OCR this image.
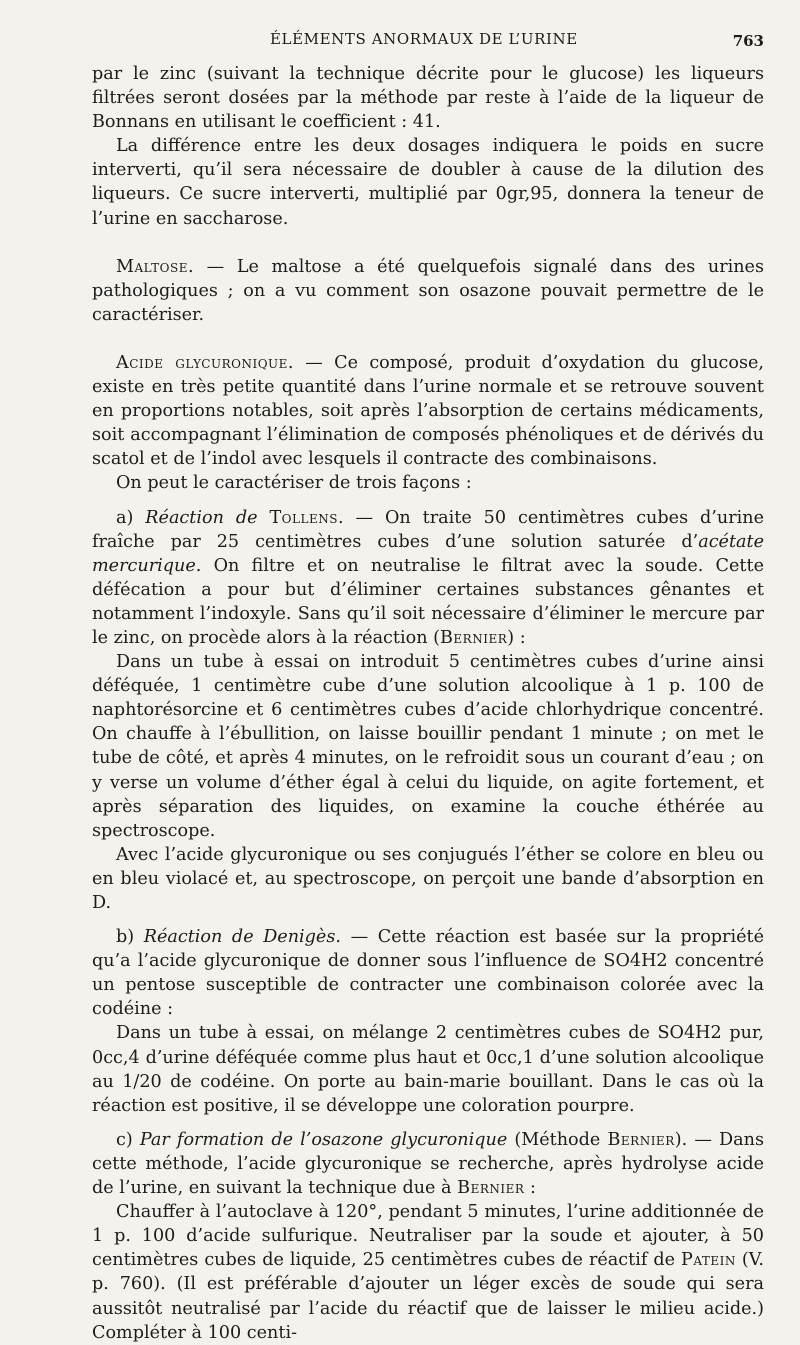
ÉLÉMENTS ANORMAUX DE L’URINE	763

par le zinc (suivant la technique décrite pour le glucose) les liqueurs filtrées seront dosées par la méthode par reste à l’aide de la liqueur de Bonnans en utilisant le coefficient : 41.

La différence entre les deux dosages indiquera le poids en sucre interverti, qu’il sera nécessaire de doubler à cause de la dilution des liqueurs. Ce sucre interverti, multiplié par 0gr,95, donnera la teneur de l’urine en saccharose.

Maltose. — Le maltose a été quelquefois signalé dans des urines pathologiques ; on a vu comment son osazone pouvait permettre de le caractériser.

Acide glycuronique. — Ce composé, produit d’oxydation du glucose, existe en très petite quantité dans l’urine normale et se retrouve souvent en proportions notables, soit après l’absorption de certains médicaments, soit accompagnant l’élimination de composés phénoliques et de dérivés du scatol et de l’indol avec lesquels il contracte des combinaisons.

On peut le caractériser de trois façons :

a) Réaction de Tollens. — On traite 50 centimètres cubes d’urine fraîche par 25 centimètres cubes d’une solution saturée d’acétate mercurique. On filtre et on neutralise le filtrat avec la soude. Cette défécation a pour but d’éliminer certaines substances gênantes et notamment l’indoxyle. Sans qu’il soit nécessaire d’éliminer le mercure par le zinc, on procède alors à la réaction (Bernier) :

Dans un tube à essai on introduit 5 centimètres cubes d’urine ainsi déféquée, 1 centimètre cube d’une solution alcoolique à 1 p. 100 de naphtorésorcine et 6 centimètres cubes d’acide chlorhydrique concentré. On chauffe à l’ébullition, on laisse bouillir pendant 1 minute ; on met le tube de côté, et après 4 minutes, on le refroidit sous un courant d’eau ; on y verse un volume d’éther égal à celui du liquide, on agite fortement, et après séparation des liquides, on examine la couche éthérée au spectroscope.

Avec l’acide glycuronique ou ses conjugués l’éther se colore en bleu ou en bleu violacé et, au spectroscope, on perçoit une bande d’absorption en D.

b) Réaction de Denigès. — Cette réaction est basée sur la propriété qu’a l’acide glycuronique de donner sous l’influence de SO4H2 concentré un pentose susceptible de contracter une combinaison colorée avec la codéine :

Dans un tube à essai, on mélange 2 centimètres cubes de SO4H2 pur, 0cc,4 d’urine déféquée comme plus haut et 0cc,1 d’une solution alcoolique au 1/20 de codéine. On porte au bain-marie bouillant. Dans le cas où la réaction est positive, il se développe une coloration pourpre.

c) Par formation de l’osazone glycuronique (Méthode Bernier). — Dans cette méthode, l’acide glycuronique se recherche, après hydrolyse acide de l’urine, en suivant la technique due à Bernier :

Chauffer à l’autoclave à 120°, pendant 5 minutes, l’urine additionnée de 1 p. 100 d’acide sulfurique. Neutraliser par la soude et ajouter, à 50 centimètres cubes de liquide, 25 centimètres cubes de réactif de Patein (V. p. 760). (Il est préférable d’ajouter un léger excès de soude qui sera aussitôt neutralisé par l’acide du réactif que de laisser le milieu acide.) Compléter à 100 centi-
